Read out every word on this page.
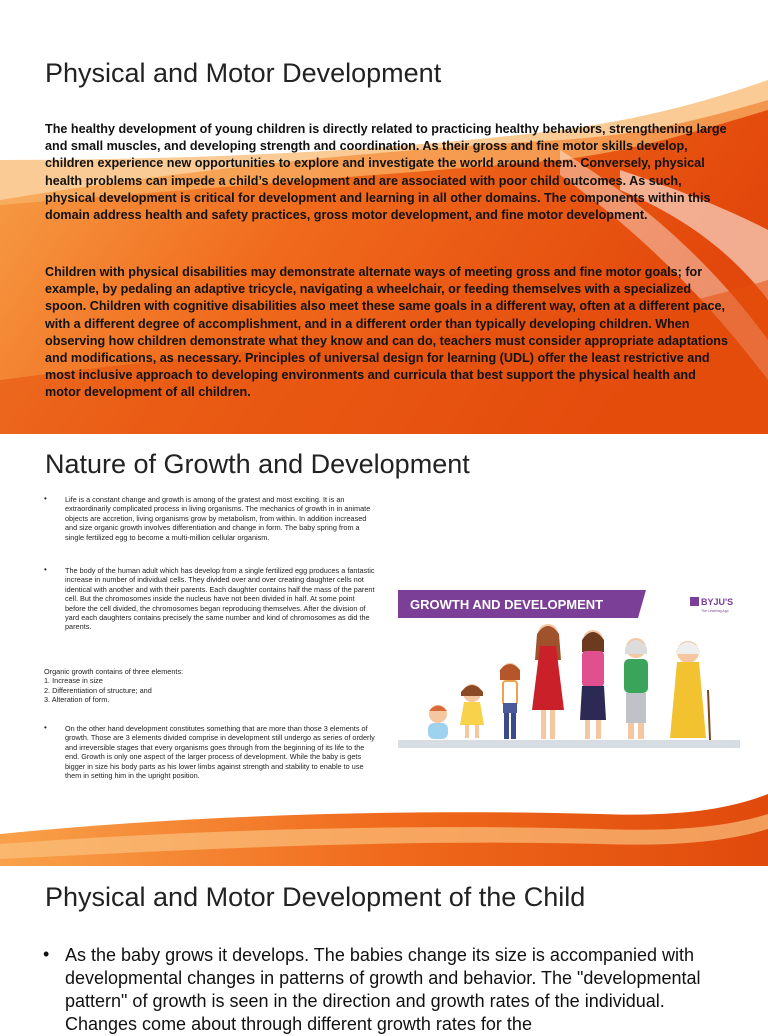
Physical and Motor Development

The healthy development of young children is directly related to practicing healthy behaviors, strengthening large and small muscles, and developing strength and coordination. As their gross and fine motor skills develop, children experience new opportunities to explore and investigate the world around them. Conversely, physical health problems can impede a child’s development and are associated with poor child outcomes. As such, physical development is critical for development and learning in all other domains. The components within this domain address health and safety practices, gross motor development, and fine motor development.

Children with physical disabilities may demonstrate alternate ways of meeting gross and fine motor goals; for example, by pedaling an adaptive tricycle, navigating a wheelchair, or feeding themselves with a specialized spoon. Children with cognitive disabilities also meet these same goals in a different way, often at a different pace, with a different degree of accomplishment, and in a different order than typically developing children. When observing how children demonstrate what they know and can do, teachers must consider appropriate adaptations and modifications, as necessary. Principles of universal design for learning (UDL) offer the least restrictive and most inclusive approach to developing environments and curricula that best support the physical health and motor development of all children.

Nature of Growth and Development
• Life is a constant change and growth is among of the gratest and most exciting. It is an extraordinarily complicated process in living organisms. The mechanics of growth in in animate objects are accretion, living organisms grow by metabolism, from within. In addition increased and size organic growth involves differentiation and change in form. The baby spring from a single fertilized egg to become a multi-million cellular organism.

• The body of the human adult which has develop from a single fertilized egg produces a fantastic increase in number of individual cells. They divided over and over creating daughter cells not identical with another and with their parents. Each daughter contains half the mass of the parent cell. But the chromosomes inside the nucleus have not been divided in half. At some point before the cell divided, the chromosomes began reproducing themselves. After the division of yard each daughters contains precisely the same number and kind of chromosomes as did the parents.

Organic growth contains of three elements:
1. Increase in size
2. Differentiation of structure; and
3. Alteration of form.
• On the other hand development constitutes something that are more than those 3 elements of growth. Those are 3 elements divided comprise in development still undergo as series of orderly and irreversible stages that every organisms goes through from the beginning of its life to the end. Growth is only one aspect of the larger process of development. While the baby is gets bigger in size his body parts as his lower limbs against strength and stability to enable to use them in setting him in the upright position.

GROWTH AND DEVELOPMENT	BYJU'S
The Learning App
Physical and Motor Development of the Child
• As the baby grows it develops. The babies change its size is accompanied with developmental changes in patterns of growth and behavior. The "developmental pattern" of growth is seen in the direction and growth rates of the individual. Changes come about through different growth rates for the
